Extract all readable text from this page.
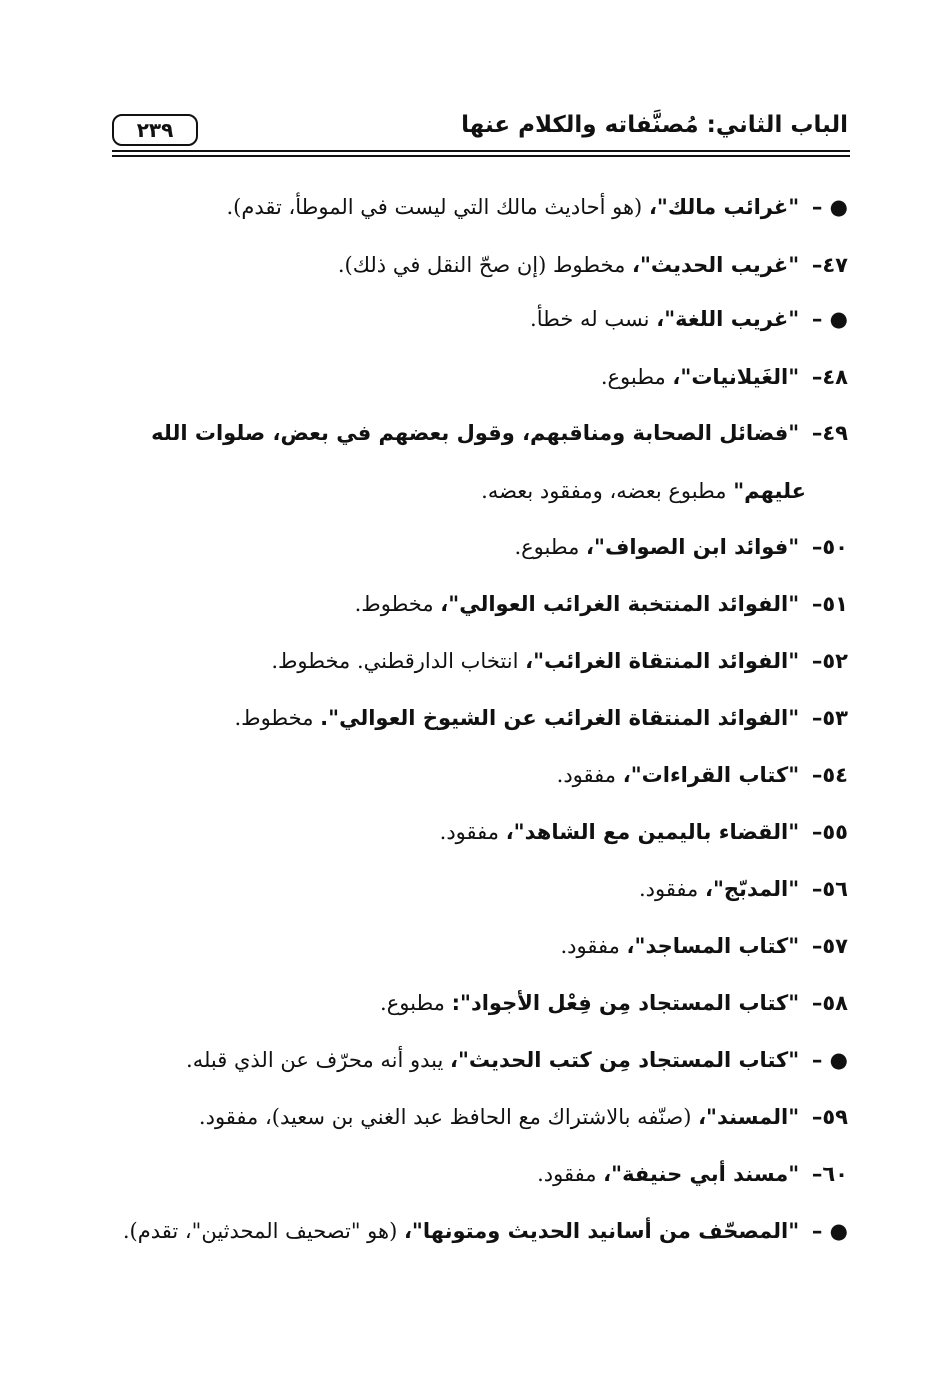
الباب الثاني: مُصنَّفاته والكلام عنها
٢٣٩
● – "غرائب مالك"، (هو أحاديث مالك التي ليست في الموطأ، تقدم).
٤٧– "غريب الحديث"، مخطوط (إن صحّ النقل في ذلك).
● – "غريب اللغة"، نسب له خطأ.
٤٨– "الغَيلانيات"، مطبوع.
٤٩– "فضائل الصحابة ومناقبهم، وقول بعضهم في بعض، صلوات الله
عليهم" مطبوع بعضه، ومفقود بعضه.
٥٠– "فوائد ابن الصواف"، مطبوع.
٥١– "الفوائد المنتخبة الغرائب العوالي"، مخطوط.
٥٢– "الفوائد المنتقاة الغرائب"، انتخاب الدارقطني. مخطوط.
٥٣– "الفوائد المنتقاة الغرائب عن الشيوخ العوالي". مخطوط.
٥٤– "كتاب القراءات"، مفقود.
٥٥– "القضاء باليمين مع الشاهد"، مفقود.
٥٦– "المدبّج"، مفقود.
٥٧– "كتاب المساجد"، مفقود.
٥٨– "كتاب المستجاد مِن فِعْل الأجواد": مطبوع.
● – "كتاب المستجاد مِن كتب الحديث"، يبدو أنه محرّف عن الذي قبله.
٥٩– "المسند"، (صنّفه بالاشتراك مع الحافظ عبد الغني بن سعيد)، مفقود.
٦٠– "مسند أبي حنيفة"، مفقود.
● – "المصحّف من أسانيد الحديث ومتونها"، (هو "تصحيف المحدثين"، تقدم).
